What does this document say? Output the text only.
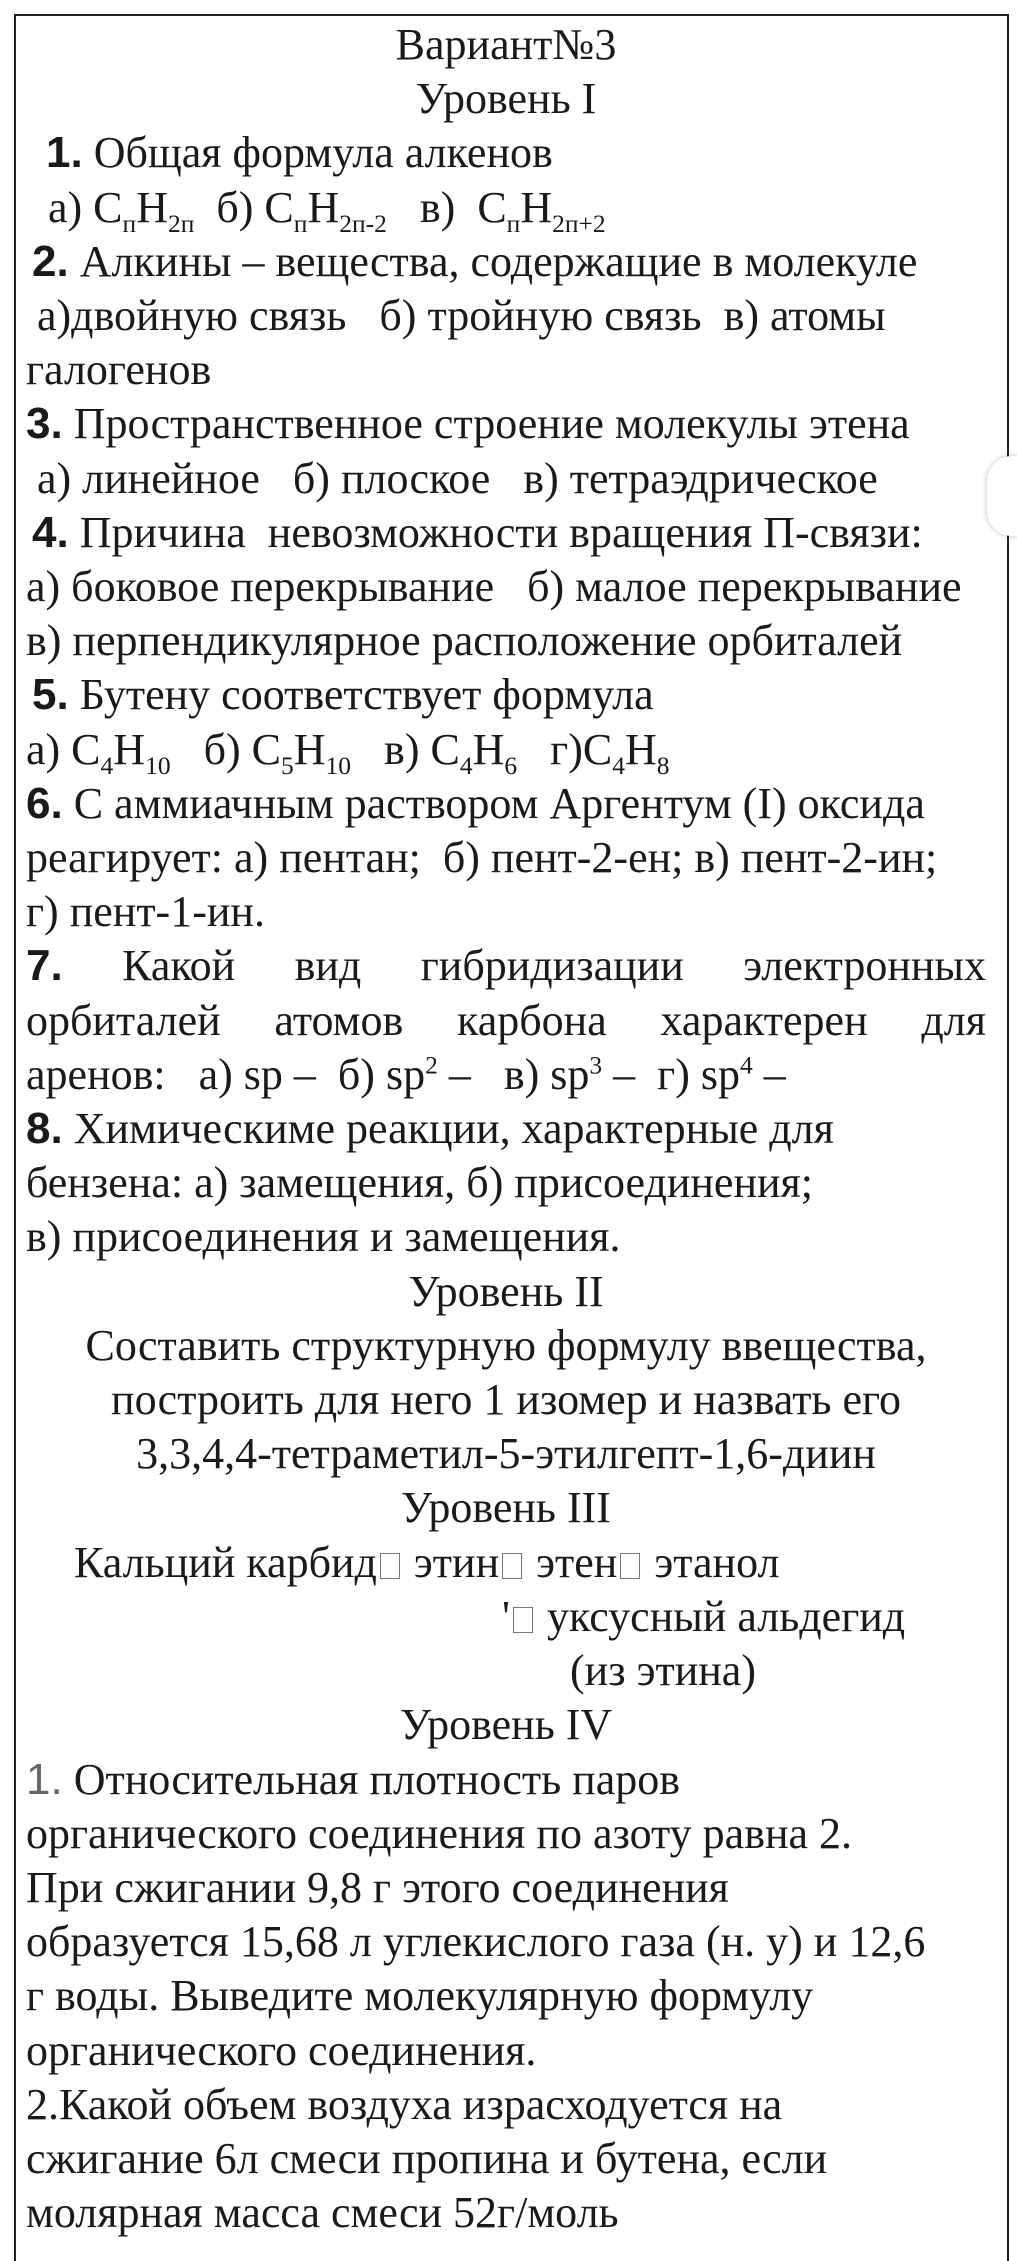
Вариант№3
Уровень I
1. Общая формула алкенов
а) $C_пH_{2п}$  б) $C_пH_{2п-2}$   в)  $C_пH_{2п+2}$
2. Алкины – вещества, содержащие в молекуле
а)двойную связь   б) тройную связь  в) атомы
галогенов
3. Пространственное строение молекулы этена
а) линейное   б) плоское   в) тетраэдрическое
4. Причина  невозможности вращения П-связи:
а) боковое перекрывание   б) малое перекрывание
в) перпендикулярное расположение орбиталей
5. Бутену соответствует формула
а) $C_4H_{10}$   б) $C_5H_{10}$   в) $C_4H_6$   $г)C_4H_8$
6. С аммиачным раствором Аргентум (I) оксида
реагирует: а) пентан;  б) пент-2-ен; в) пент-2-ин;
г) пент-1-ин.
7. Какой вид гибридизации электронных
орбиталей атомов карбона характерен для
аренов:   а) sp –  б) $sp^2 - в$) $sp^3 - г$) $sp^4$ –
8. Химическиме реакции, характерные для
бензена: а) замещения, б) присоединения;
в) присоединения и замещения.
Уровень II
Составить структурную формулу ввещества,
построить для него 1 изомер и назвать его
3,3,4,4-тетраметил-5-этилгепт-1,6-диин
Уровень III
Кальций карбид этин этен этанол
' уксусный альдегид
(из этина)
Уровень IV
1. Относительная плотность паров
органического соединения по азоту равна 2.
При сжигании 9,8 г этого соединения
образуется 15,68 л углекислого газа (н. у) и 12,6
г воды. Выведите молекулярную формулу
органического соединения.
2.Какой объем воздуха израсходуется на
сжигание 6л смеси пропина и бутена, если
молярная масса смеси 52г/моль
